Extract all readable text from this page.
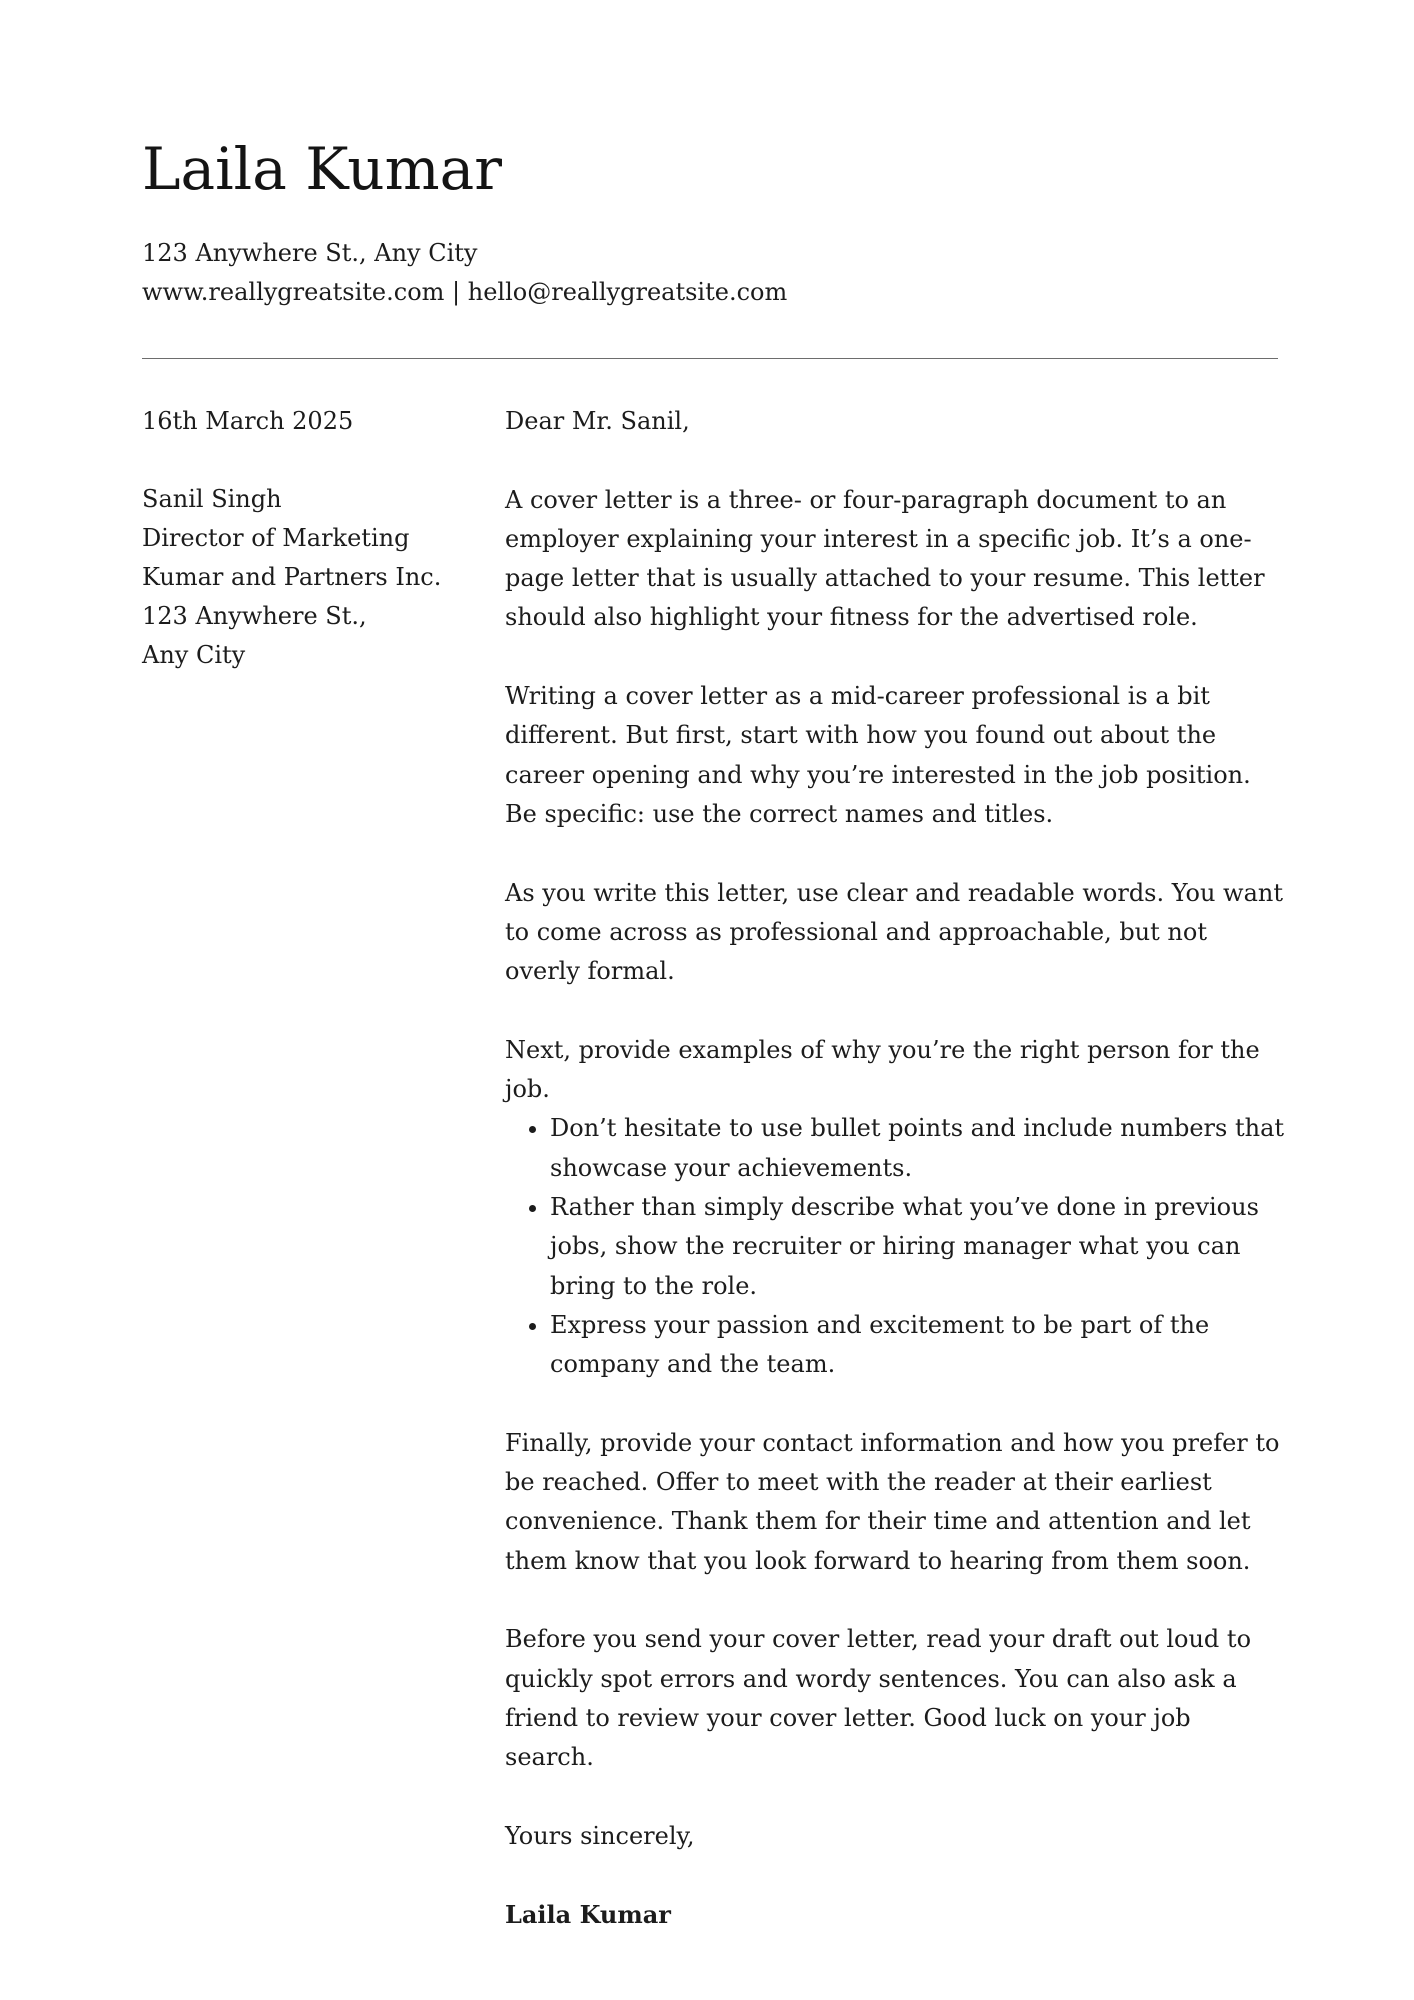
Laila Kumar
123 Anywhere St., Any City
www.reallygreatsite.com | hello@reallygreatsite.com
16th March 2025
Sanil Singh
Director of Marketing
Kumar and Partners Inc.
123 Anywhere St.,
Any City

Dear Mr. Sanil,

A cover letter is a three- or four-paragraph document to an employer explaining your interest in a specific job. It’s a one-page letter that is usually attached to your resume. This letter should also highlight your fitness for the advertised role.

Writing a cover letter as a mid-career professional is a bit different. But first, start with how you found out about the career opening and why you’re interested in the job position. Be specific: use the correct names and titles.

As you write this letter, use clear and readable words. You want to come across as professional and approachable, but not overly formal.

Next, provide examples of why you’re the right person for the job.

• Don’t hesitate to use bullet points and include numbers that showcase your achievements.
• Rather than simply describe what you’ve done in previous jobs, show the recruiter or hiring manager what you can bring to the role.
• Express your passion and excitement to be part of the company and the team.

Finally, provide your contact information and how you prefer to be reached. Offer to meet with the reader at their earliest convenience. Thank them for their time and attention and let them know that you look forward to hearing from them soon.

Before you send your cover letter, read your draft out loud to quickly spot errors and wordy sentences. You can also ask a friend to review your cover letter. Good luck on your job search.

Yours sincerely,

Laila Kumar
